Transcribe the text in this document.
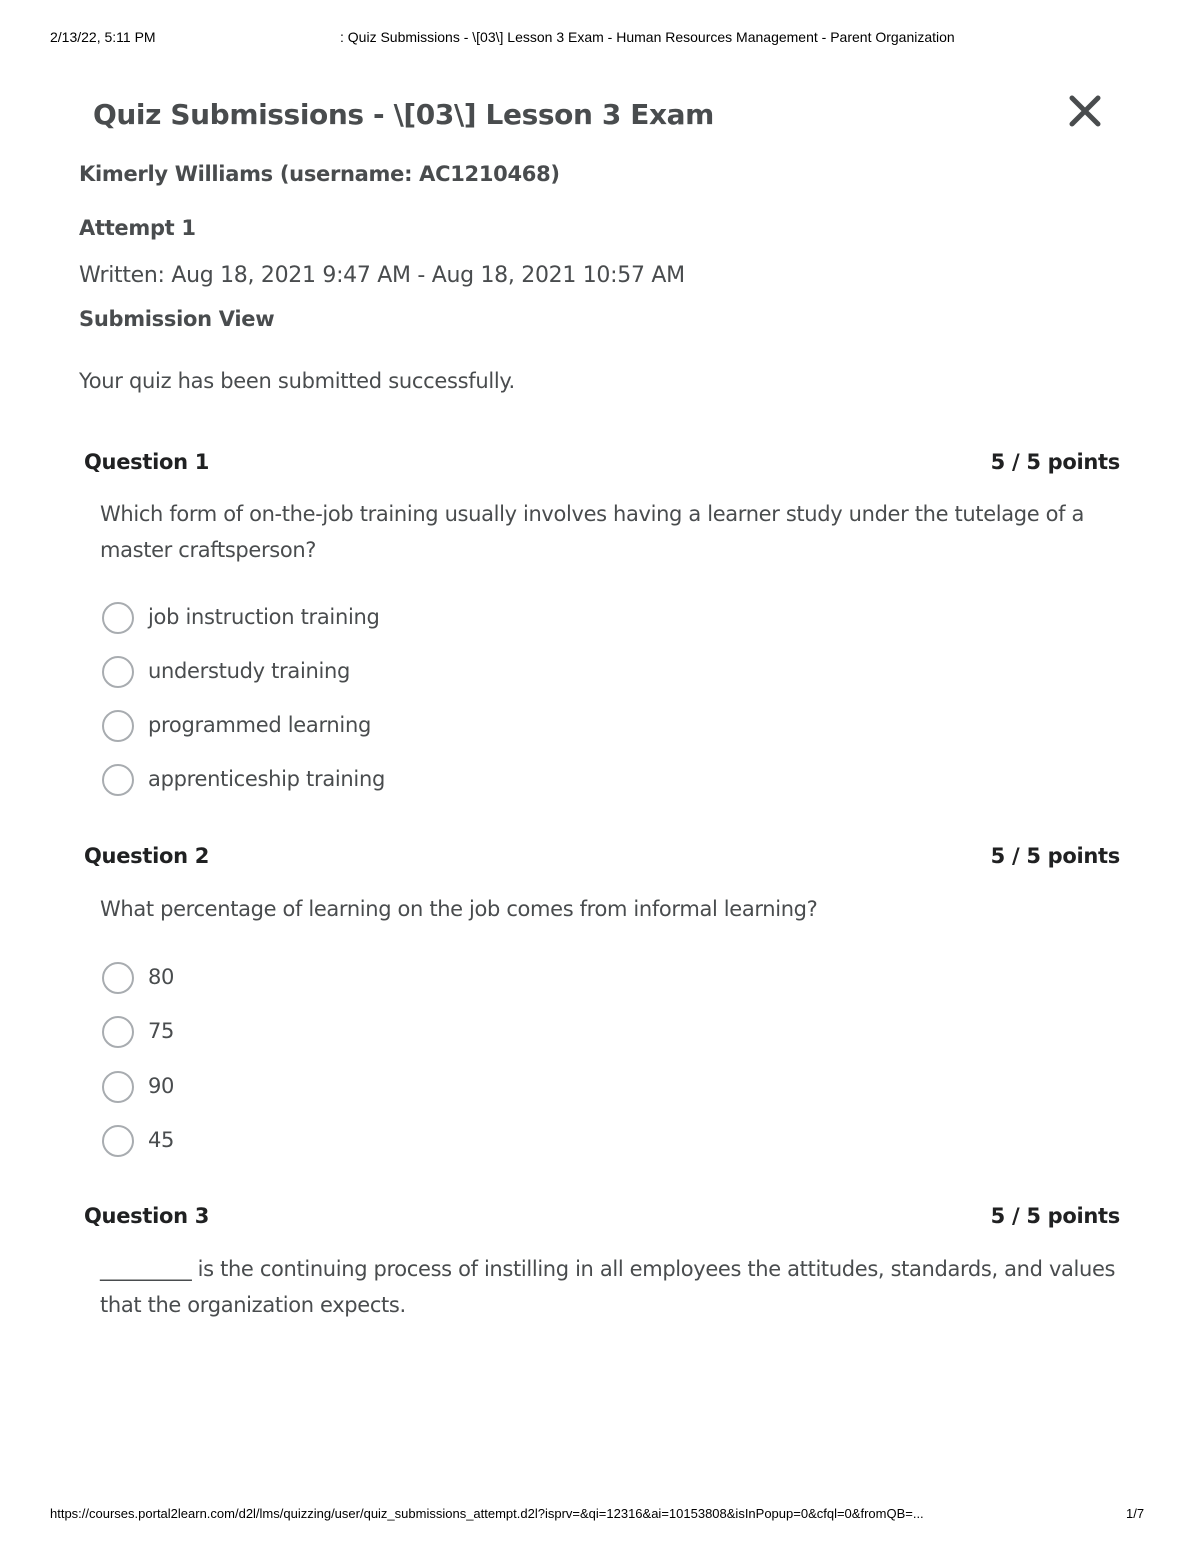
2/13/22, 5:11 PM	: Quiz Submissions - \[03\] Lesson 3 Exam - Human Resources Management - Parent Organization
Quiz Submissions - \[03\] Lesson 3 Exam
Kimerly Williams (username: AC1210468)
Attempt 1
Written: Aug 18, 2021 9:47 AM - Aug 18, 2021 10:57 AM
Submission View
Your quiz has been submitted successfully.
Question 1	5 / 5 points
Which form of on-the-job training usually involves having a learner study under the tutelage of a master craftsperson?
job instruction training
understudy training
programmed learning
apprenticeship training
Question 2	5 / 5 points
What percentage of learning on the job comes from informal learning?
80
75
90
45
Question 3	5 / 5 points
_________ is the continuing process of instilling in all employees the attitudes, standards, and values that the organization expects.
https://courses.portal2learn.com/d2l/lms/quizzing/user/quiz_submissions_attempt.d2l?isprv=&qi=12316&ai=10153808&isInPopup=0&cfql=0&fromQB=...	1/7
